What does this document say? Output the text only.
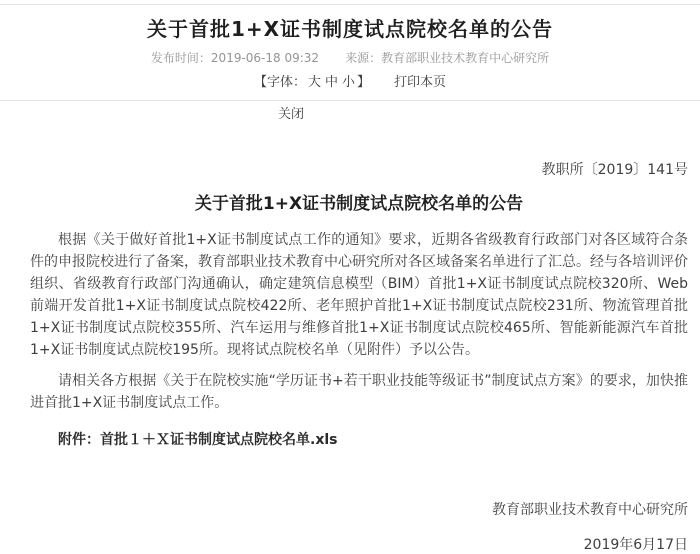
关于首批1+X证书制度试点院校名单的公告
发布时间：2019-06-18 09:32 来源：教育部职业技术教育中心研究所
【字体： 大 中 小 】 打印本页
关闭
教职所〔2019〕141号
关于首批1+X证书制度试点院校名单的公告

根据《关于做好首批1+X证书制度试点工作的通知》要求，近期各省级教育行政部门对各区域符合条件的申报院校进行了备案，教育部职业技术教育中心研究所对各区域备案名单进行了汇总。经与各培训评价组织、省级教育行政部门沟通确认，确定建筑信息模型（BIM）首批1+X证书制度试点院校320所、Web前端开发首批1+X证书制度试点院校422所、老年照护首批1+X证书制度试点院校231所、物流管理首批1+X证书制度试点院校355所、汽车运用与维修首批1+X证书制度试点院校465所、智能新能源汽车首批1+X证书制度试点院校195所。现将试点院校名单（见附件）予以公告。

请相关各方根据《关于在院校实施“学历证书+若干职业技能等级证书”制度试点方案》的要求，加快推进首批1+X证书制度试点工作。

附件：首批１＋Ｘ证书制度试点院校名单.xls
教育部职业技术教育中心研究所
2019年6月17日
